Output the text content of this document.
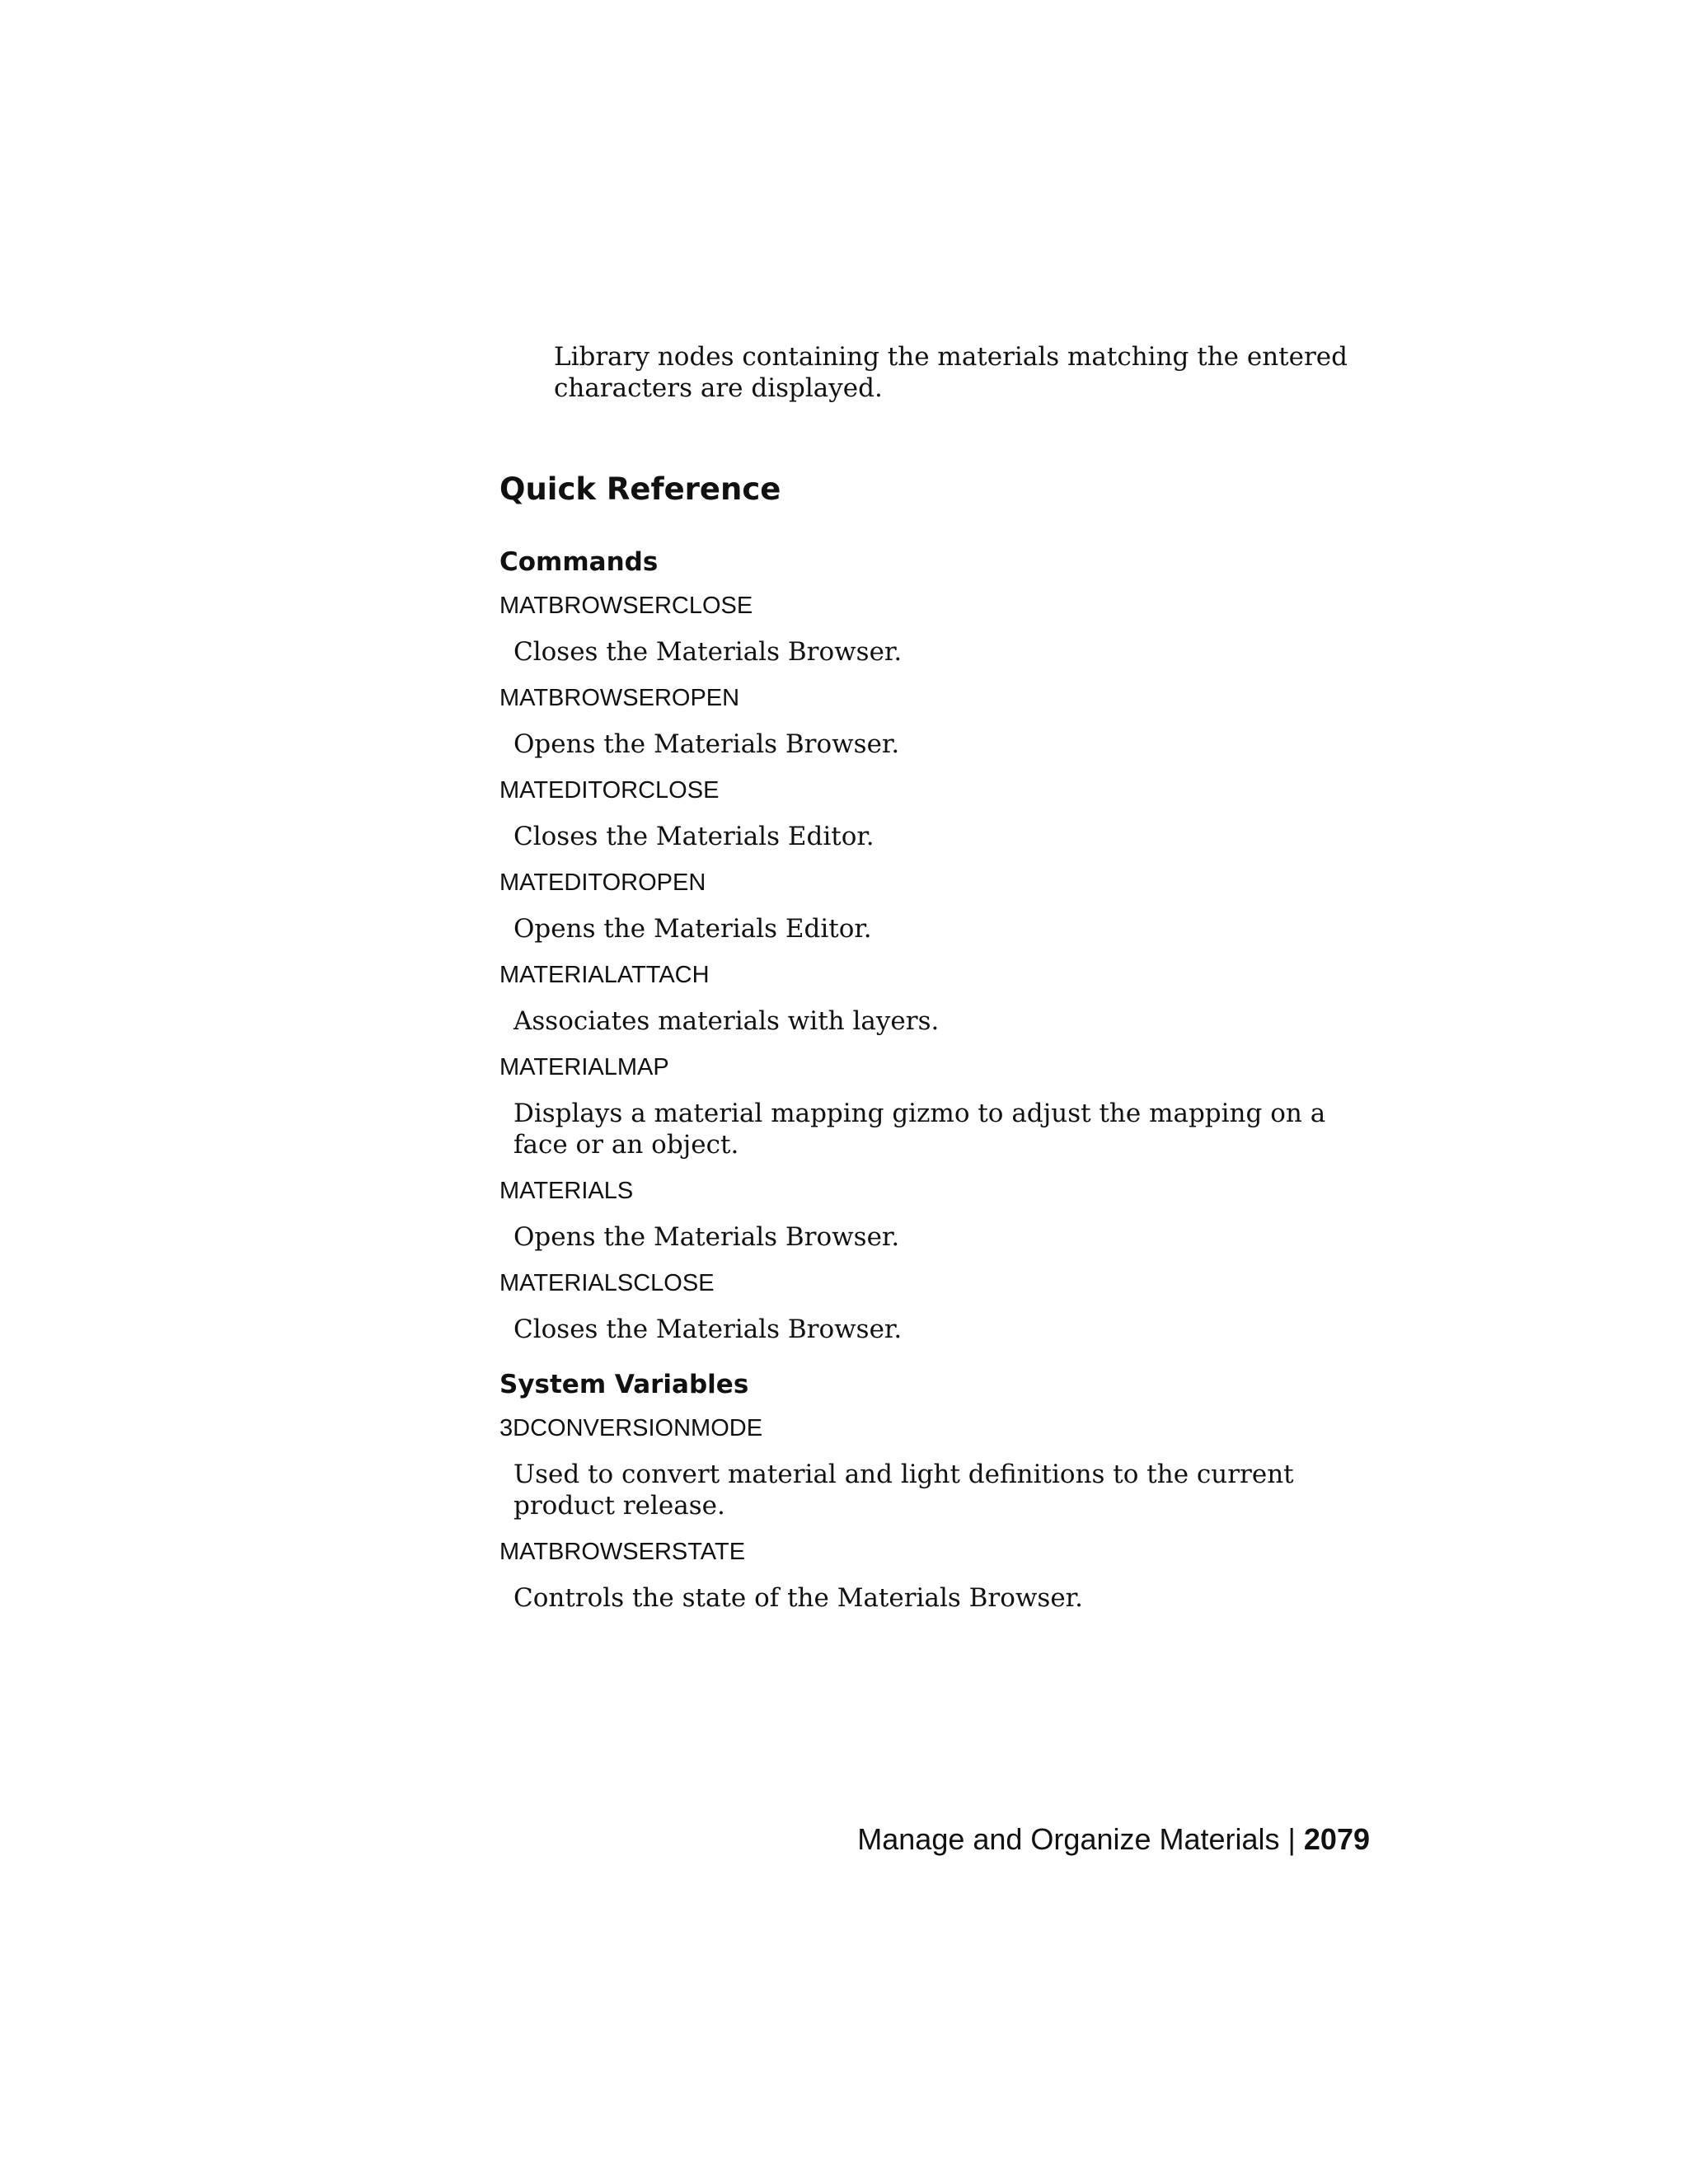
Library nodes containing the materials matching the entered characters are displayed.

Quick Reference
Commands
MATBROWSERCLOSE

Closes the Materials Browser.

MATBROWSEROPEN

Opens the Materials Browser.

MATEDITORCLOSE

Closes the Materials Editor.

MATEDITOROPEN

Opens the Materials Editor.

MATERIALATTACH

Associates materials with layers.

MATERIALMAP

Displays a material mapping gizmo to adjust the mapping on a face or an object.

MATERIALS

Opens the Materials Browser.

MATERIALSCLOSE

Closes the Materials Browser.

System Variables
3DCONVERSIONMODE

Used to convert material and light definitions to the current product release.

MATBROWSERSTATE

Controls the state of the Materials Browser.

Manage and Organize Materials | 2079
